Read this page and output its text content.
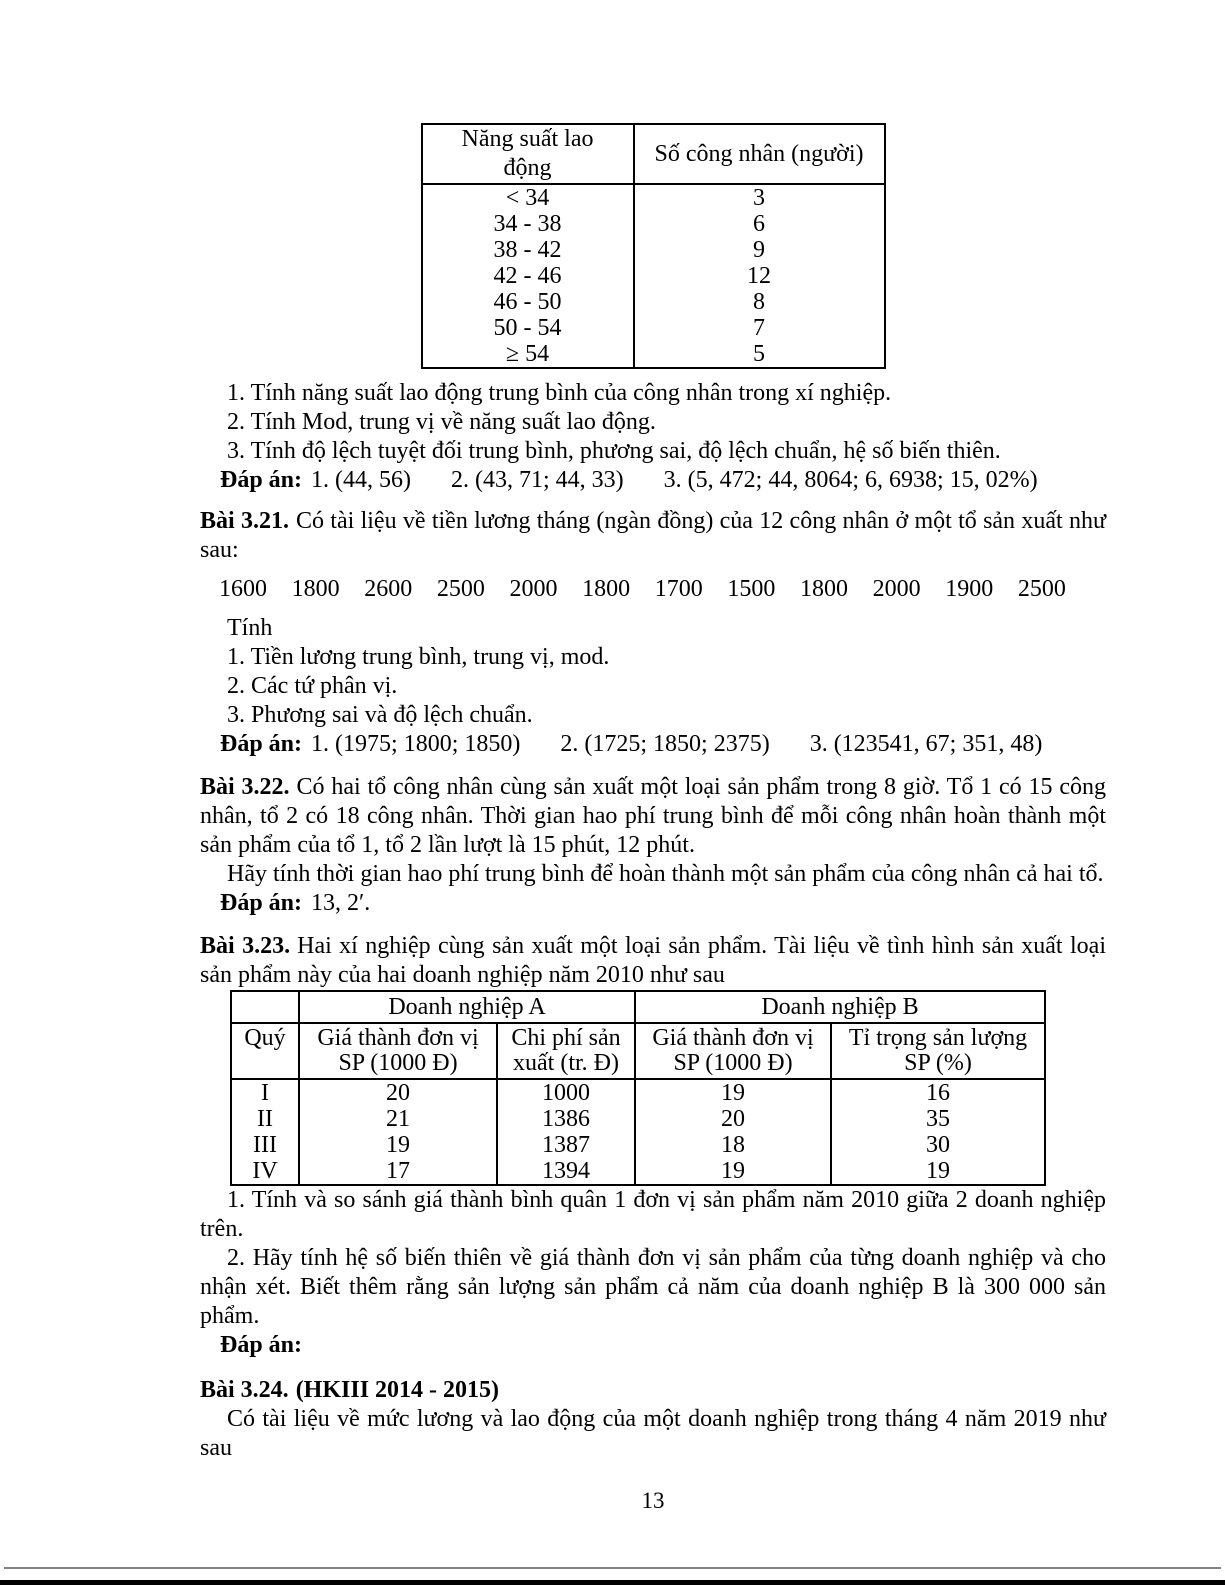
Năng suất lao động	Số công nhân (người)
< 34	3
34 - 38	6
38 - 42	9
42 - 46	12
46 - 50	8
50 - 54	7
≥ 54	5

1. Tính năng suất lao động trung bình của công nhân trong xí nghiệp.

2. Tính Mod, trung vị về năng suất lao động.

3. Tính độ lệch tuyệt đối trung bình, phương sai, độ lệch chuẩn, hệ số biến thiên.

Đáp án: 1. (44, 56) 2. (43, 71; 44, 33) 3. (5, 472; 44, 8064; 6, 6938; 15, 02%)

Bài 3.21. Có tài liệu về tiền lương tháng (ngàn đồng) của 12 công nhân ở một tổ sản xuất như sau:

1600 1800 2600 2500 2000 1800 1700 1500 1800 2000 1900 2500

Tính

1. Tiền lương trung bình, trung vị, mod.

2. Các tứ phân vị.

3. Phương sai và độ lệch chuẩn.

Đáp án: 1. (1975; 1800; 1850) 2. (1725; 1850; 2375) 3. (123541, 67; 351, 48)

Bài 3.22. Có hai tổ công nhân cùng sản xuất một loại sản phẩm trong 8 giờ. Tổ 1 có 15 công nhân, tổ 2 có 18 công nhân. Thời gian hao phí trung bình để mỗi công nhân hoàn thành một sản phẩm của tổ 1, tổ 2 lần lượt là 15 phút, 12 phút.

Hãy tính thời gian hao phí trung bình để hoàn thành một sản phẩm của công nhân cả hai tổ.

Đáp án: 13, 2′.

Bài 3.23. Hai xí nghiệp cùng sản xuất một loại sản phẩm. Tài liệu về tình hình sản xuất loại sản phẩm này của hai doanh nghiệp năm 2010 như sau

	Doanh nghiệp A		Doanh nghiệp B	
Quý	Giá thành đơn vị SP (1000 Đ)	Chi phí sản xuất (tr. Đ)	Giá thành đơn vị SP (1000 Đ)	Tỉ trọng sản lượng SP (%)
I	20	1000	19	16
II	21	1386	20	35
III	19	1387	18	30
IV	17	1394	19	19

1. Tính và so sánh giá thành bình quân 1 đơn vị sản phẩm năm 2010 giữa 2 doanh nghiệp trên.

2. Hãy tính hệ số biến thiên về giá thành đơn vị sản phẩm của từng doanh nghiệp và cho nhận xét. Biết thêm rằng sản lượng sản phẩm cả năm của doanh nghiệp B là 300 000 sản phẩm.

Đáp án:

Bài 3.24. (HKIII 2014 - 2015)

Có tài liệu về mức lương và lao động của một doanh nghiệp trong tháng 4 năm 2019 như sau

13
